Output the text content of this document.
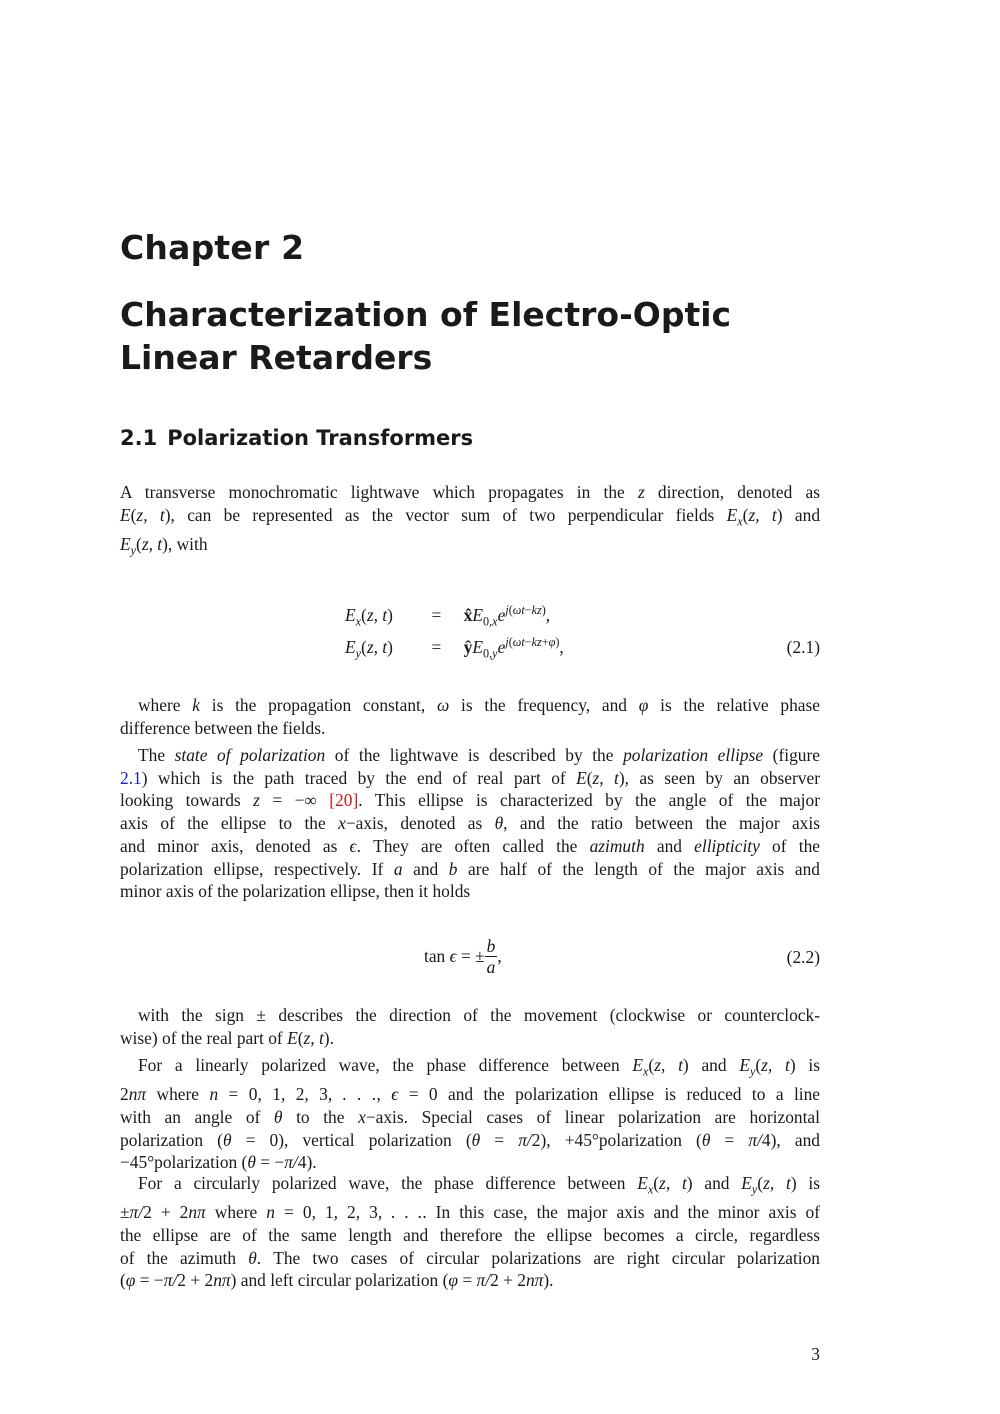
Chapter 2
Characterization of Electro-Optic Linear Retarders
2.1 Polarization Transformers
A transverse monochromatic lightwave which propagates in the z direction, denoted as
E(z, t), can be represented as the vector sum of two perpendicular fields $E_x(z$, t) and
$E_y(z$, t), with
$E_x(z$, $t) = x̂E_{0,x}e^{j(\omega t-kz)}$,
$E_y(z$, $t) = ŷE_{0,y}e^{j(\omega t-kz+\varphi)}$,	(2.1)
where k is the propagation constant, ω is the frequency, and φ is the relative phase
difference between the fields.
The state of polarization of the lightwave is described by the polarization ellipse (figure
2.1) which is the path traced by the end of real part of E(z, t), as seen by an observer
looking towards z = −∞ [20]. This ellipse is characterized by the angle of the major
axis of the ellipse to the x−axis, denoted as θ, and the ratio between the major axis
and minor axis, denoted as ϵ. They are often called the azimuth and ellipticity of the
polarization ellipse, respectively. If a and b are half of the length of the major axis and
minor axis of the polarization ellipse, then it holds
tan ϵ = ± $\frac{b}{a}$ ,	(2.2)
with the sign ± describes the direction of the movement (clockwise or counterclock-
wise) of the real part of E(z, t).
For a linearly polarized wave, the phase difference between $E_x(z$, t) and $E_y(z$, t) is
2nπ where n = 0, 1, 2, 3, . . ., ϵ = 0 and the polarization ellipse is reduced to a line
with an angle of θ to the x−axis. Special cases of linear polarization are horizontal
polarization (θ = 0), vertical polarization (θ = π/2), +45°polarization (θ = π/4), and
−45°polarization (θ = −π/4).
For a circularly polarized wave, the phase difference between $E_x(z$, t) and $E_y(z$, t) is
±π/2 + 2nπ where n = 0, 1, 2, 3, . . .. In this case, the major axis and the minor axis of
the ellipse are of the same length and therefore the ellipse becomes a circle, regardless
of the azimuth θ. The two cases of circular polarizations are right circular polarization
(φ = −π/2 + 2nπ) and left circular polarization (φ = π/2 + 2nπ).
3
